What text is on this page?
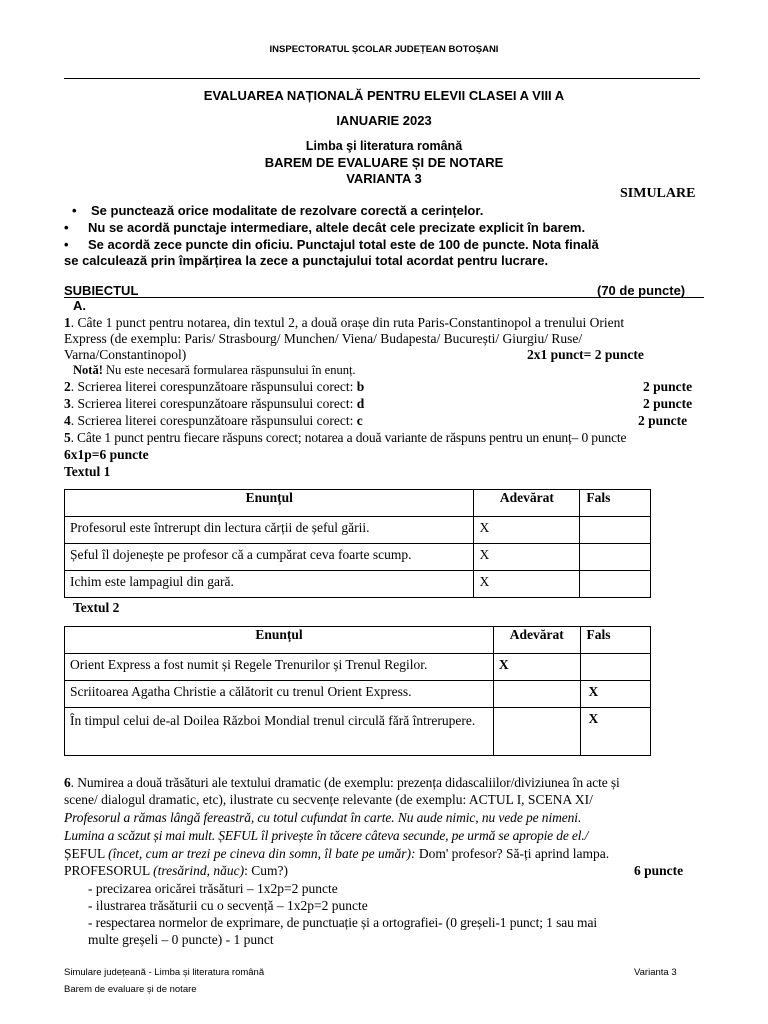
INSPECTORATUL ȘCOLAR JUDEȚEAN BOTOȘANI
EVALUAREA NAȚIONALĂ PENTRU ELEVII CLASEI A VIII A
IANUARIE 2023
Limba şi literatura română
BAREM DE EVALUARE ȘI DE NOTARE
VARIANTA 3
SIMULARE
• Se punctează orice modalitate de rezolvare corectă a cerințelor.
• Nu se acordă punctaje intermediare, altele decât cele precizate explicit în barem.
• Se acordă zece puncte din oficiu. Punctajul total este de 100 de puncte. Nota finală
se calculează prin împărțirea la zece a punctajului total acordat pentru lucrare.
SUBIECTUL	(70 de puncte)
A.
1. Câte 1 punct pentru notarea, din textul 2, a două orașe din ruta Paris-Constantinopol a trenului Orient
Express (de exemplu: Paris/ Strasbourg/ Munchen/ Viena/ Budapesta/ București/ Giurgiu/ Ruse/
Varna/Constantinopol)	2x1 punct= 2 puncte
Notă! Nu este necesară formularea răspunsului în enunț.
2. Scrierea literei corespunzătoare răspunsului corect: b	2 puncte
3. Scrierea literei corespunzătoare răspunsului corect: d	2 puncte
4. Scrierea literei corespunzătoare răspunsului corect: c	2 puncte
5. Câte 1 punct pentru fiecare răspuns corect; notarea a două variante de răspuns pentru un enunț– 0 puncte
6x1p=6 puncte
Textul 1
Enunțul	Adevărat	Fals
Profesorul este întrerupt din lectura cărții de șeful gării.	X	
Șeful îl dojenește pe profesor că a cumpărat ceva foarte scump.	X	
Ichim este lampagiul din gară.	X	
Textul 2
Enunțul	Adevărat	Fals
Orient Express a fost numit și Regele Trenurilor și Trenul Regilor.	X	
Scriitoarea Agatha Christie a călătorit cu trenul Orient Express.		X
În timpul celui de-al Doilea Război Mondial trenul circulă fără întrerupere.		X
6. Numirea a două trăsături ale textului dramatic (de exemplu: prezența didascaliilor/diviziunea în acte și
scene/ dialogul dramatic, etc), ilustrate cu secvențe relevante (de exemplu: ACTUL I, SCENA XI/
Profesorul a rămas lângă fereastră, cu totul cufundat în carte. Nu aude nimic, nu vede pe nimeni.
Lumina a scăzut și mai mult. ȘEFUL îl privește în tăcere câteva secunde, pe urmă se apropie de el./
ȘEFUL (încet, cum ar trezi pe cineva din somn, îl bate pe umăr): Dom' profesor? Să-ți aprind lampa.
PROFESORUL (tresărind, năuc): Cum?)	6 puncte
- precizarea oricărei trăsături – 1x2p=2 puncte
- ilustrarea trăsăturii cu o secvență – 1x2p=2 puncte
- respectarea normelor de exprimare, de punctuație și a ortografiei- (0 greșeli-1 punct; 1 sau mai
multe greșeli – 0 puncte) - 1 punct
Simulare județeană - Limba și literatura română
Barem de evaluare și de notare
Varianta 3
